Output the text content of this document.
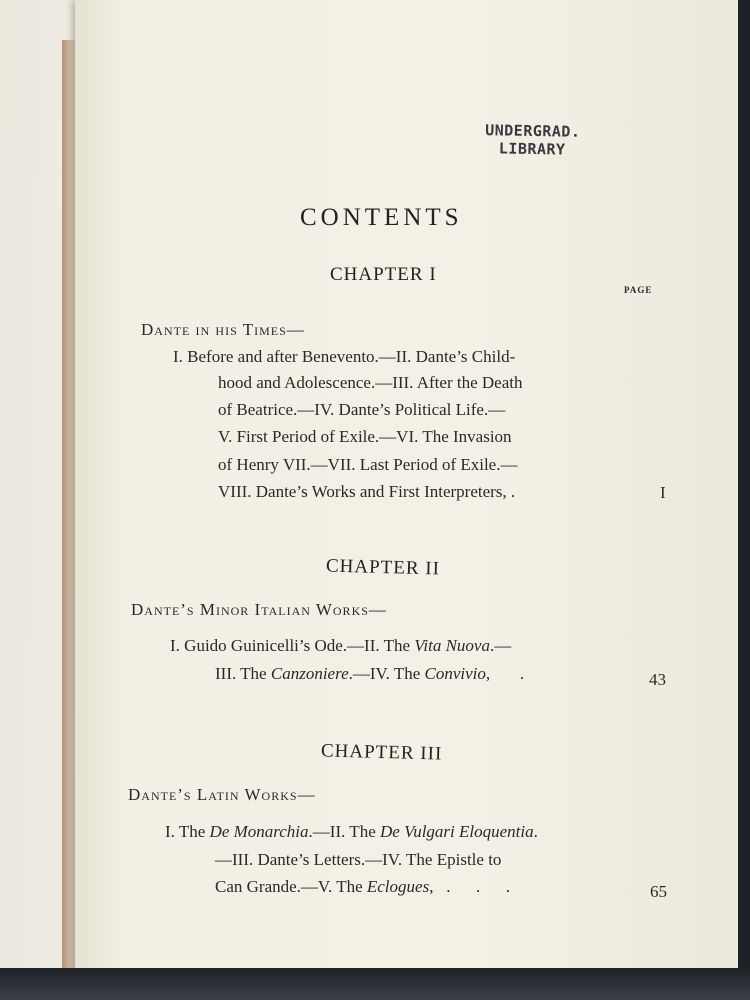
UNDERGRAD.
LIBRARY
CONTENTS
CHAPTER I
PAGE
Dante in his Times—
I. Before and after Benevento.—II. Dante’s Child-
hood and Adolescence.—III. After the Death
of Beatrice.—IV. Dante’s Political Life.—
V. First Period of Exile.—VI. The Invasion
of Henry VII.—VII. Last Period of Exile.—
VIII. Dante’s Works and First Interpreters, .	I
CHAPTER II
Dante’s Minor Italian Works—
I. Guido Guinicelli’s Ode.—II. The Vita Nuova.—
III. The Canzoniere.—IV. The Convivio,       .	43
CHAPTER III
Dante’s Latin Works—
I. The De Monarchia.—II. The De Vulgari Eloquentia.
—III. Dante’s Letters.—IV. The Epistle to
Can Grande.—V. The Eclogues,   .      .      .	65
